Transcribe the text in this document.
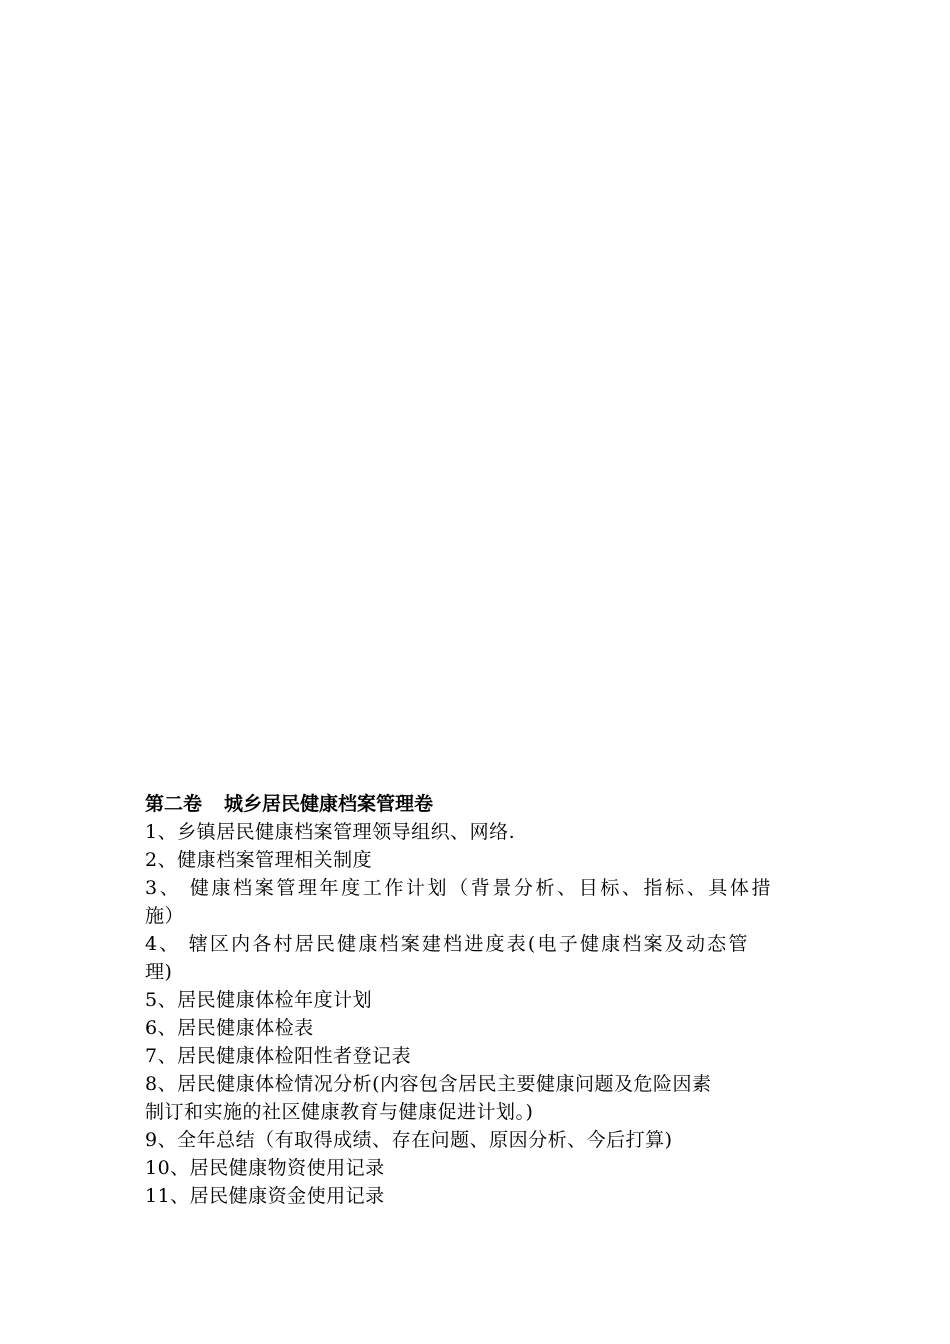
第二卷 城乡居民健康档案管理卷
1、乡镇居民健康档案管理领导组织、网络.
2、健康档案管理相关制度
3、 健康档案管理年度工作计划（背景分析、目标、指标、具体措
施）
4、 辖区内各村居民健康档案建档进度表(电子健康档案及动态管
理)
5、居民健康体检年度计划
6、居民健康体检表
7、居民健康体检阳性者登记表
8、居民健康体检情况分析(内容包含居民主要健康问题及危险因素
制订和实施的社区健康教育与健康促进计划。)
9、全年总结（有取得成绩、存在问题、原因分析、今后打算)
10、居民健康物资使用记录
11、居民健康资金使用记录
